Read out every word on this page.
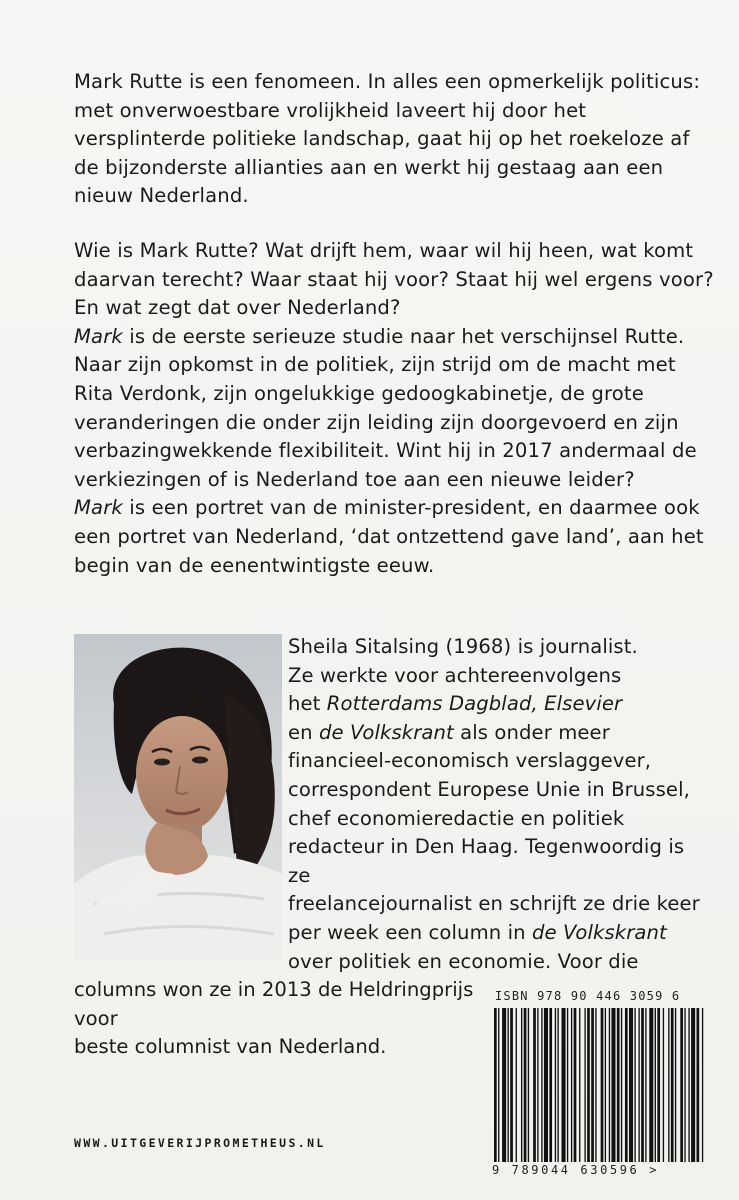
Mark Rutte is een fenomeen. In alles een opmerkelijk politicus: met onverwoestbare vrolijkheid laveert hij door het versplinterde politieke landschap, gaat hij op het roekeloze af de bijzonderste allianties aan en werkt hij gestaag aan een nieuw Nederland.

Wie is Mark Rutte? Wat drijft hem, waar wil hij heen, wat komt daarvan terecht? Waar staat hij voor? Staat hij wel ergens voor? En wat zegt dat over Nederland?

Mark is de eerste serieuze studie naar het verschijnsel Rutte. Naar zijn opkomst in de politiek, zijn strijd om de macht met Rita Verdonk, zijn ongelukkige gedoogkabinetje, de grote veranderingen die onder zijn leiding zijn doorgevoerd en zijn verbazingwekkende flexibiliteit. Wint hij in 2017 andermaal de verkiezingen of is Nederland toe aan een nieuwe leider?

Mark is een portret van de minister-president, en daarmee ook een portret van Nederland, ‘dat ontzettend gave land’, aan het begin van de eenentwintigste eeuw.

Sheila Sitalsing (1968) is journalist.

Ze werkte voor achtereenvolgens

het Rotterdams Dagblad, Elsevier

en de Volkskrant als onder meer

financieel-economisch verslaggever,

correspondent Europese Unie in Brussel,

chef economieredactie en politiek

redacteur in Den Haag. Tegenwoordig is ze

freelancejournalist en schrijft ze drie keer

per week een column in de Volkskrant

over politiek en economie. Voor die

columns won ze in 2013 de Heldringprijs voor

beste columnist van Nederland.

ISBN 978 90 446 3059 6
9 789044 630596 >
WWW.UITGEVERIJPROMETHEUS.NL
